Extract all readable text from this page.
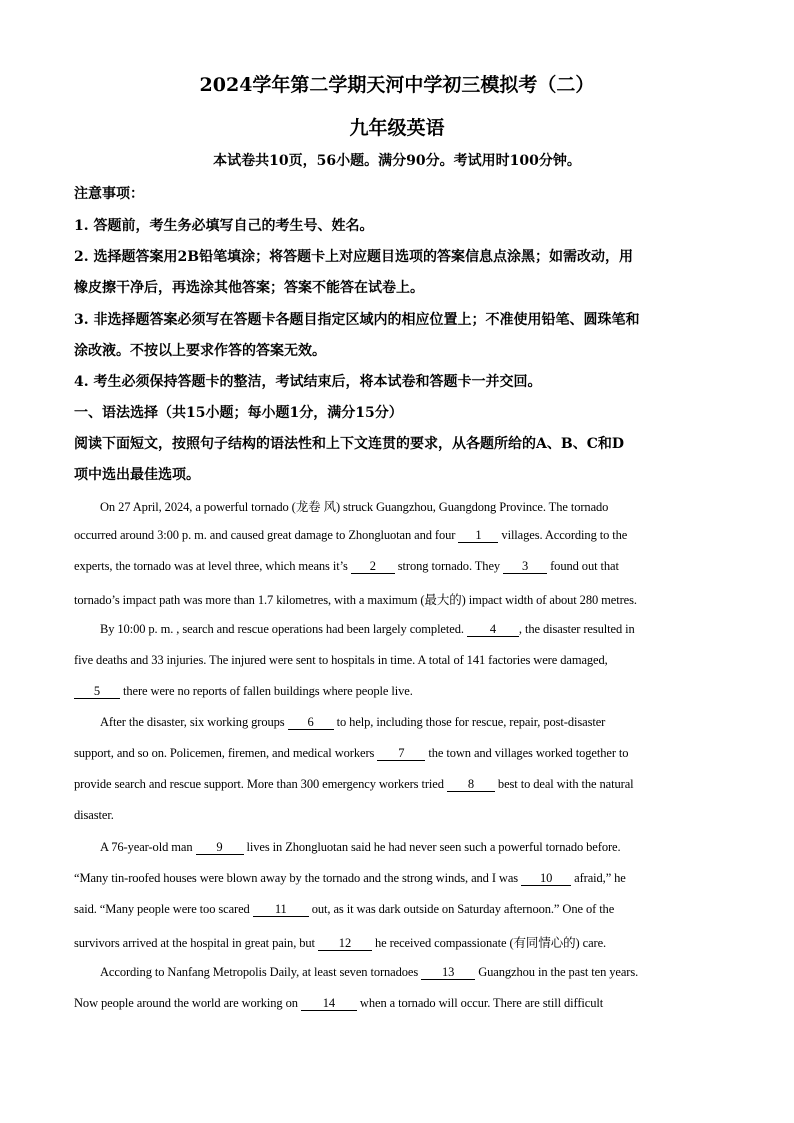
2024学年第二学期天河中学初三模拟考（二）
九年级英语
本试卷共10页，56小题。满分90分。考试用时100分钟。
注意事项：
1. 答题前，考生务必填写自己的考生号、姓名。
2. 选择题答案用2B铅笔填涂；将答题卡上对应题目选项的答案信息点涂黑；如需改动，用
橡皮擦干净后，再选涂其他答案；答案不能答在试卷上。
3. 非选择题答案必须写在答题卡各题目指定区域内的相应位置上；不准使用铅笔、圆珠笔和
涂改液。不按以上要求作答的答案无效。
4. 考生必须保持答题卡的整洁，考试结束后，将本试卷和答题卡一并交回。
一、语法选择（共15小题；每小题1分，满分15分）
阅读下面短文，按照句子结构的语法性和上下文连贯的要求，从各题所给的A、B、C和D
项中选出最佳选项。
On 27 April, 2024, a powerful tornado (龙卷 风) struck Guangzhou, Guangdong Province. The tornado
occurred around 3:00 p. m. and caused great damage to Zhongluotan and four 1 villages. According to the
experts, the tornado was at level three, which means it’s 2 strong tornado. They 3 found out that
tornado’s impact path was more than 1.7 kilometres, with a maximum (最大的) impact width of about 280 metres.
By 10:00 p. m. , search and rescue operations had been largely completed. 4 , the disaster resulted in
five deaths and 33 injuries. The injured were sent to hospitals in time. A total of 141 factories were damaged,
5 there were no reports of fallen buildings where people live.
After the disaster, six working groups 6 to help, including those for rescue, repair, post-disaster
support, and so on. Policemen, firemen, and medical workers 7 the town and villages worked together to
provide search and rescue support. More than 300 emergency workers tried 8 best to deal with the natural
disaster.
A 76-year-old man 9 lives in Zhongluotan said he had never seen such a powerful tornado before.
“Many tin-roofed houses were blown away by the tornado and the strong winds, and I was 10 afraid,” he
said. “Many people were too scared 11 out, as it was dark outside on Saturday afternoon.” One of the
survivors arrived at the hospital in great pain, but 12 he received compassionate (有同情心的) care.
According to Nanfang Metropolis Daily, at least seven tornadoes 13 Guangzhou in the past ten years.
Now people around the world are working on 14 when a tornado will occur. There are still difficult
